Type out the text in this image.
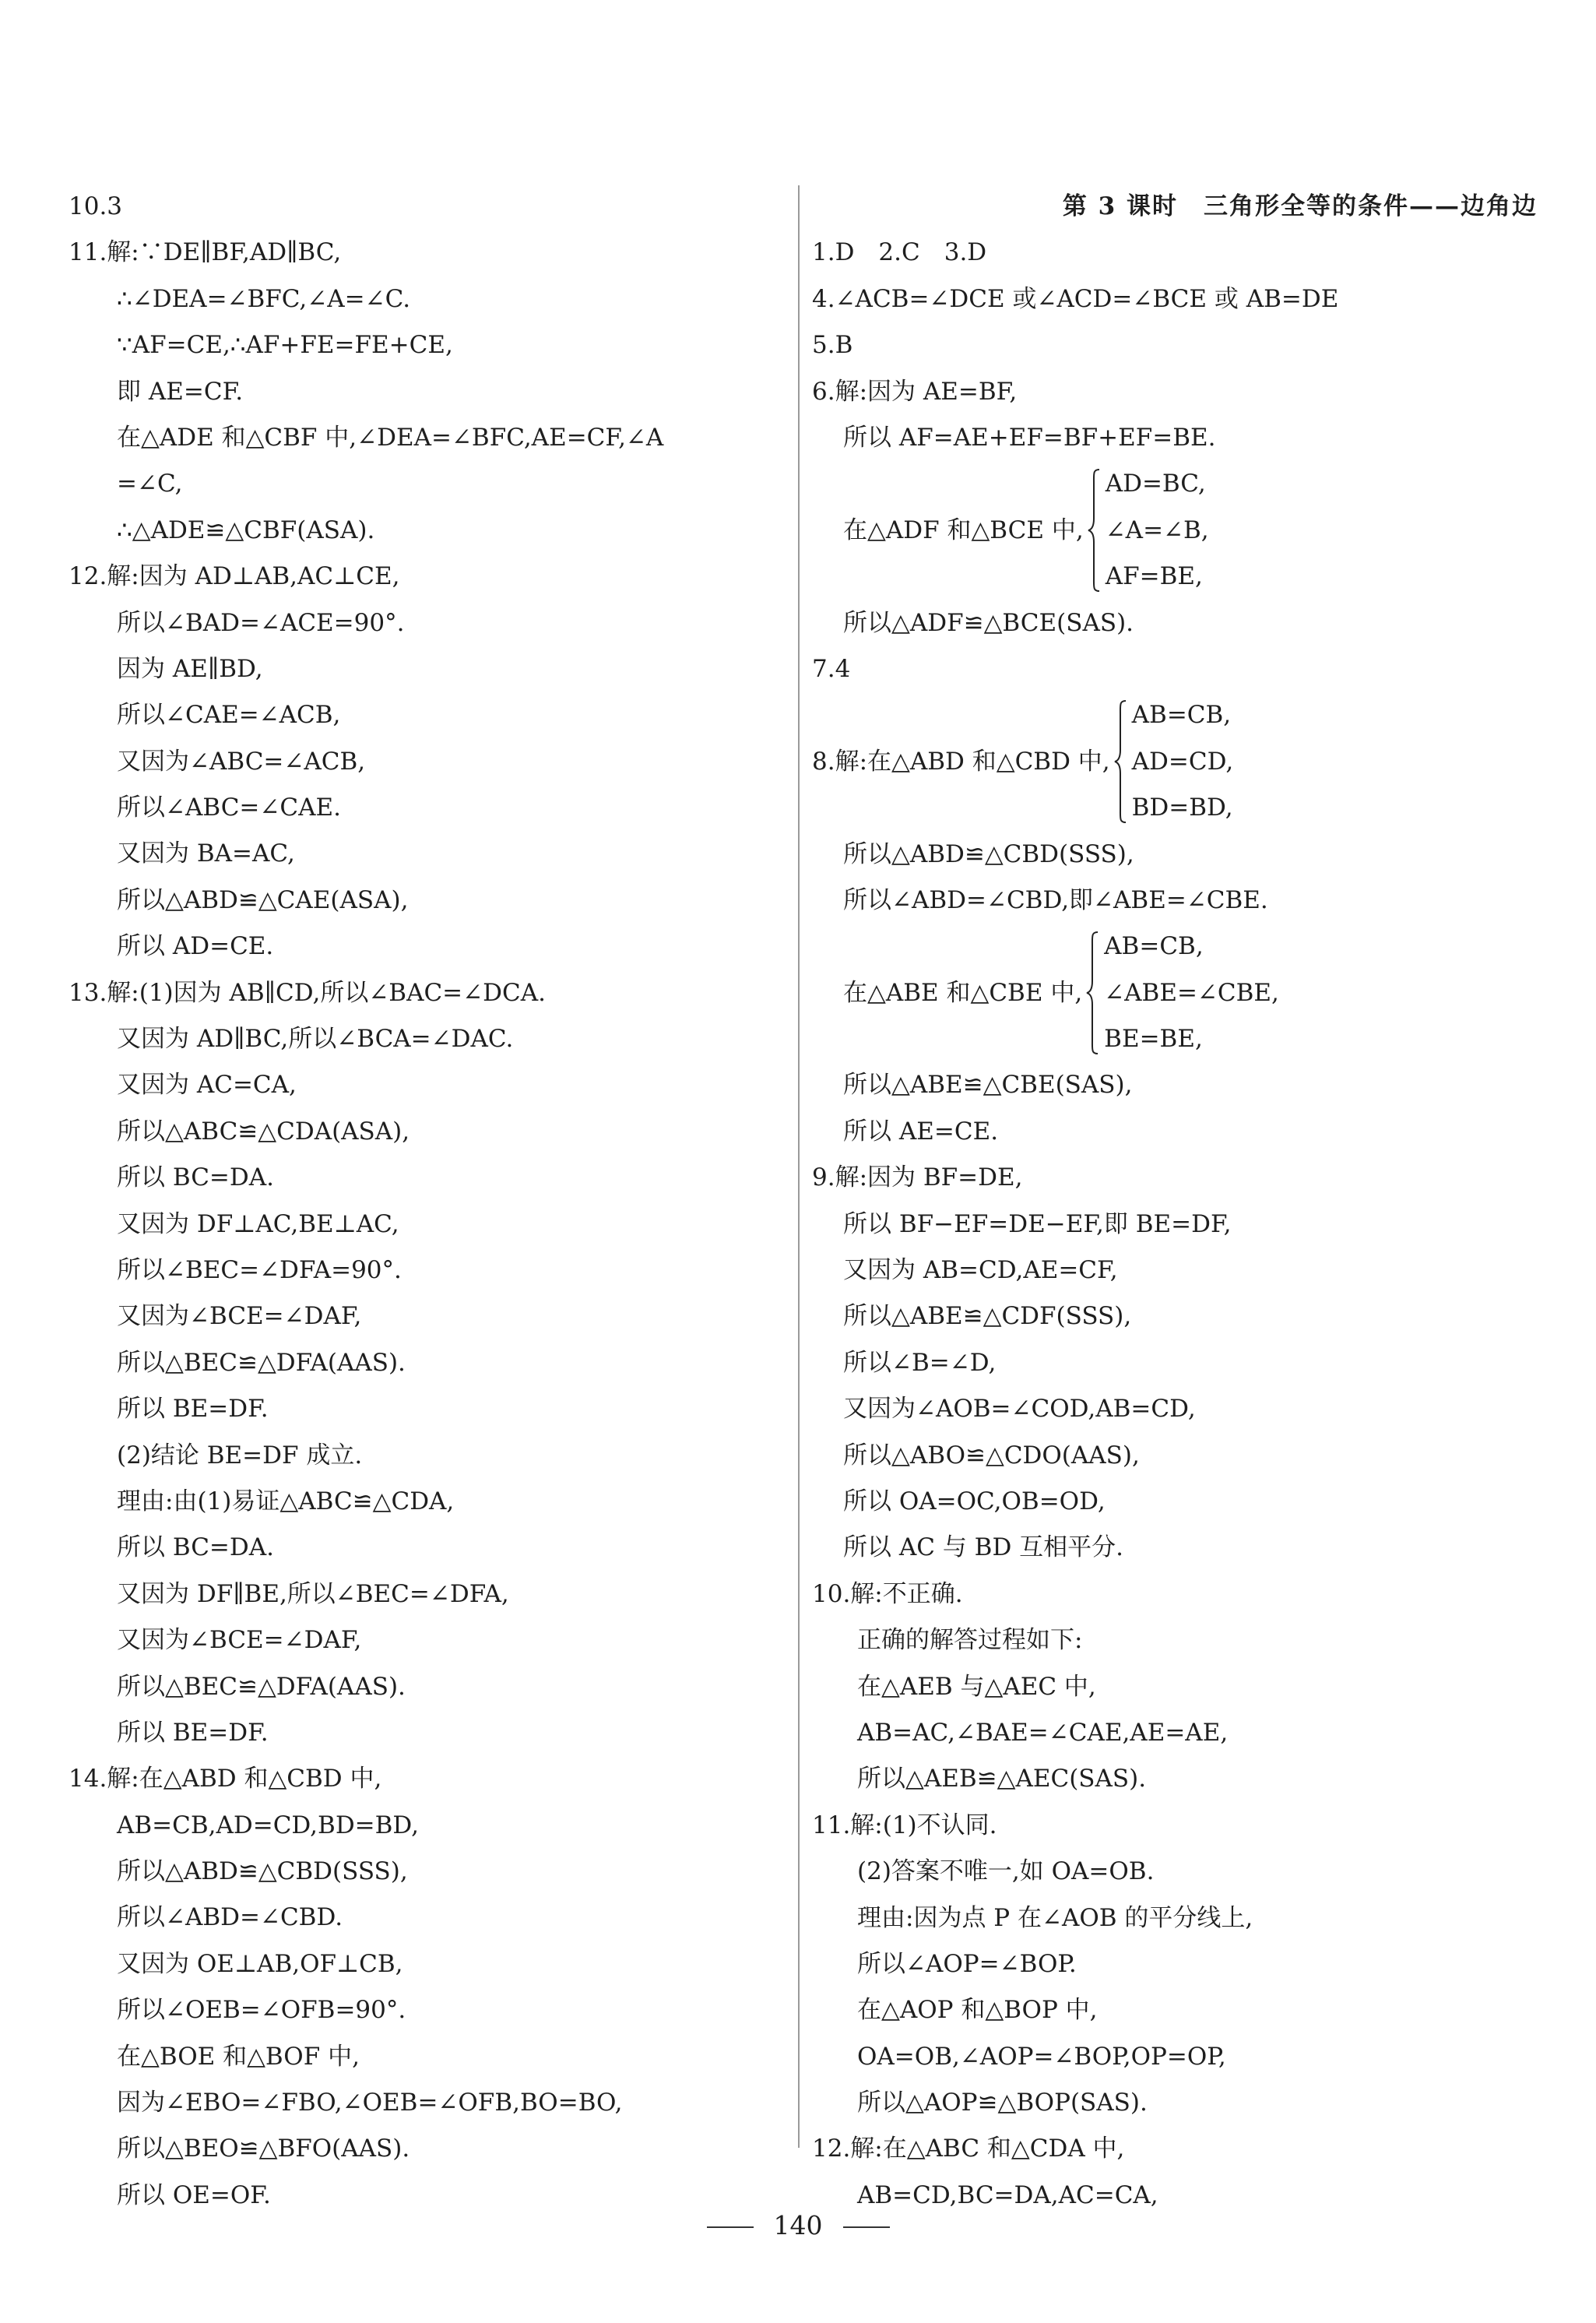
10.3
11.解:∵DE∥BF,AD∥BC,
∴∠DEA=∠BFC,∠A=∠C.
∵AF=CE,∴AF+FE=FE+CE,
即 AE=CF.
在△ADE 和△CBF 中,∠DEA=∠BFC,AE=CF,∠A
=∠C,
∴△ADE≌△CBF(ASA).
12.解:因为 AD⊥AB,AC⊥CE,
所以∠BAD=∠ACE=90°.
因为 AE∥BD,
所以∠CAE=∠ACB,
又因为∠ABC=∠ACB,
所以∠ABC=∠CAE.
又因为 BA=AC,
所以△ABD≌△CAE(ASA),
所以 AD=CE.
13.解:(1)因为 AB∥CD,所以∠BAC=∠DCA.
又因为 AD∥BC,所以∠BCA=∠DAC.
又因为 AC=CA,
所以△ABC≌△CDA(ASA),
所以 BC=DA.
又因为 DF⊥AC,BE⊥AC,
所以∠BEC=∠DFA=90°.
又因为∠BCE=∠DAF,
所以△BEC≌△DFA(AAS).
所以 BE=DF.
(2)结论 BE=DF 成立.
理由:由(1)易证△ABC≌△CDA,
所以 BC=DA.
又因为 DF∥BE,所以∠BEC=∠DFA,
又因为∠BCE=∠DAF,
所以△BEC≌△DFA(AAS).
所以 BE=DF.
14.解:在△ABD 和△CBD 中,
AB=CB,AD=CD,BD=BD,
所以△ABD≌△CBD(SSS),
所以∠ABD=∠CBD.
又因为 OE⊥AB,OF⊥CB,
所以∠OEB=∠OFB=90°.
在△BOE 和△BOF 中,
因为∠EBO=∠FBO,∠OEB=∠OFB,BO=BO,
所以△BEO≌△BFO(AAS).
所以 OE=OF.
第 3 课时　三角形全等的条件——边角边
1.D　2.C　3.D
4.∠ACB=∠DCE 或∠ACD=∠BCE 或 AB=DE
5.B
6.解:因为 AE=BF,
所以 AF=AE+EF=BF+EF=BE.
在△ADF 和△BCE 中,
AD=BC,
∠A=∠B,
AF=BE,
所以△ADF≌△BCE(SAS).
7.4
8.解:在△ABD 和△CBD 中,
AB=CB,
AD=CD,
BD=BD,
所以△ABD≌△CBD(SSS),
所以∠ABD=∠CBD,即∠ABE=∠CBE.
在△ABE 和△CBE 中,
AB=CB,
∠ABE=∠CBE,
BE=BE,
所以△ABE≌△CBE(SAS),
所以 AE=CE.
9.解:因为 BF=DE,
所以 BF−EF=DE−EF,即 BE=DF,
又因为 AB=CD,AE=CF,
所以△ABE≌△CDF(SSS),
所以∠B=∠D,
又因为∠AOB=∠COD,AB=CD,
所以△ABO≌△CDO(AAS),
所以 OA=OC,OB=OD,
所以 AC 与 BD 互相平分.
10.解:不正确.
正确的解答过程如下:
在△AEB 与△AEC 中,
AB=AC,∠BAE=∠CAE,AE=AE,
所以△AEB≌△AEC(SAS).
11.解:(1)不认同.
(2)答案不唯一,如 OA=OB.
理由:因为点 P 在∠AOB 的平分线上,
所以∠AOP=∠BOP.
在△AOP 和△BOP 中,
OA=OB,∠AOP=∠BOP,OP=OP,
所以△AOP≌△BOP(SAS).
12.解:在△ABC 和△CDA 中,
AB=CD,BC=DA,AC=CA,
140
